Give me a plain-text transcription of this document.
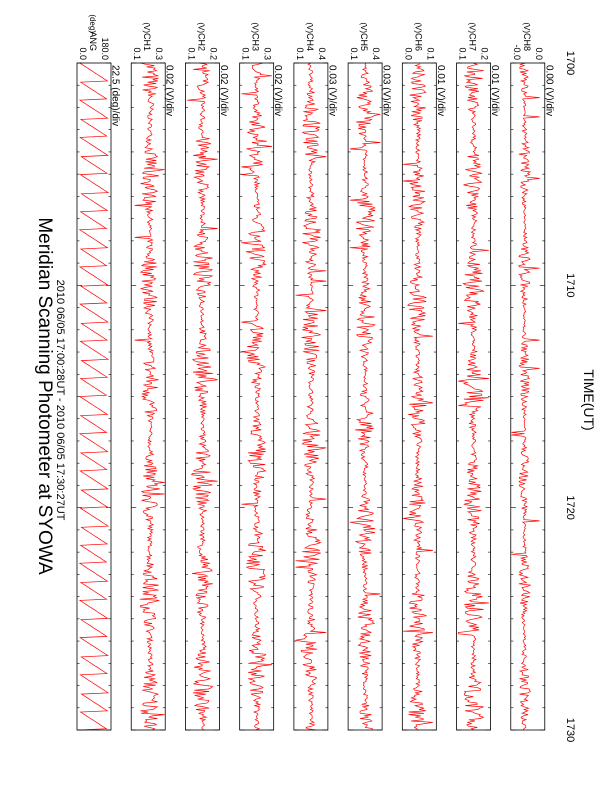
Meridian Scanning Photometer at SYOWA 2010 06/05 17:00:28UT - 2010 06/05 17:30:27UT	TIME(UT)
22.5 (deg)/div
0.0 180.0
ANG
(deg)
0.02 (V)/div
0.1 0.3
CH1
(V)
0.02 (V)/div
0.1 0.2
CH2
(V)
0.02 (V)/div
0.1 0.3
CH3
(V)
0.03 (V)/div
0.1 0.4
CH4
(V)
0.03 (V)/div
0.1 0.4
CH5
(V)
0.01 (V)/div
0.0 0.1
CH6
(V)
0.01 (V)/div
0.1 0.2
CH7
(V)
0.00 (V)/div
-0.0 0.0
CH8
(V)
1700
1710
1720
1730
